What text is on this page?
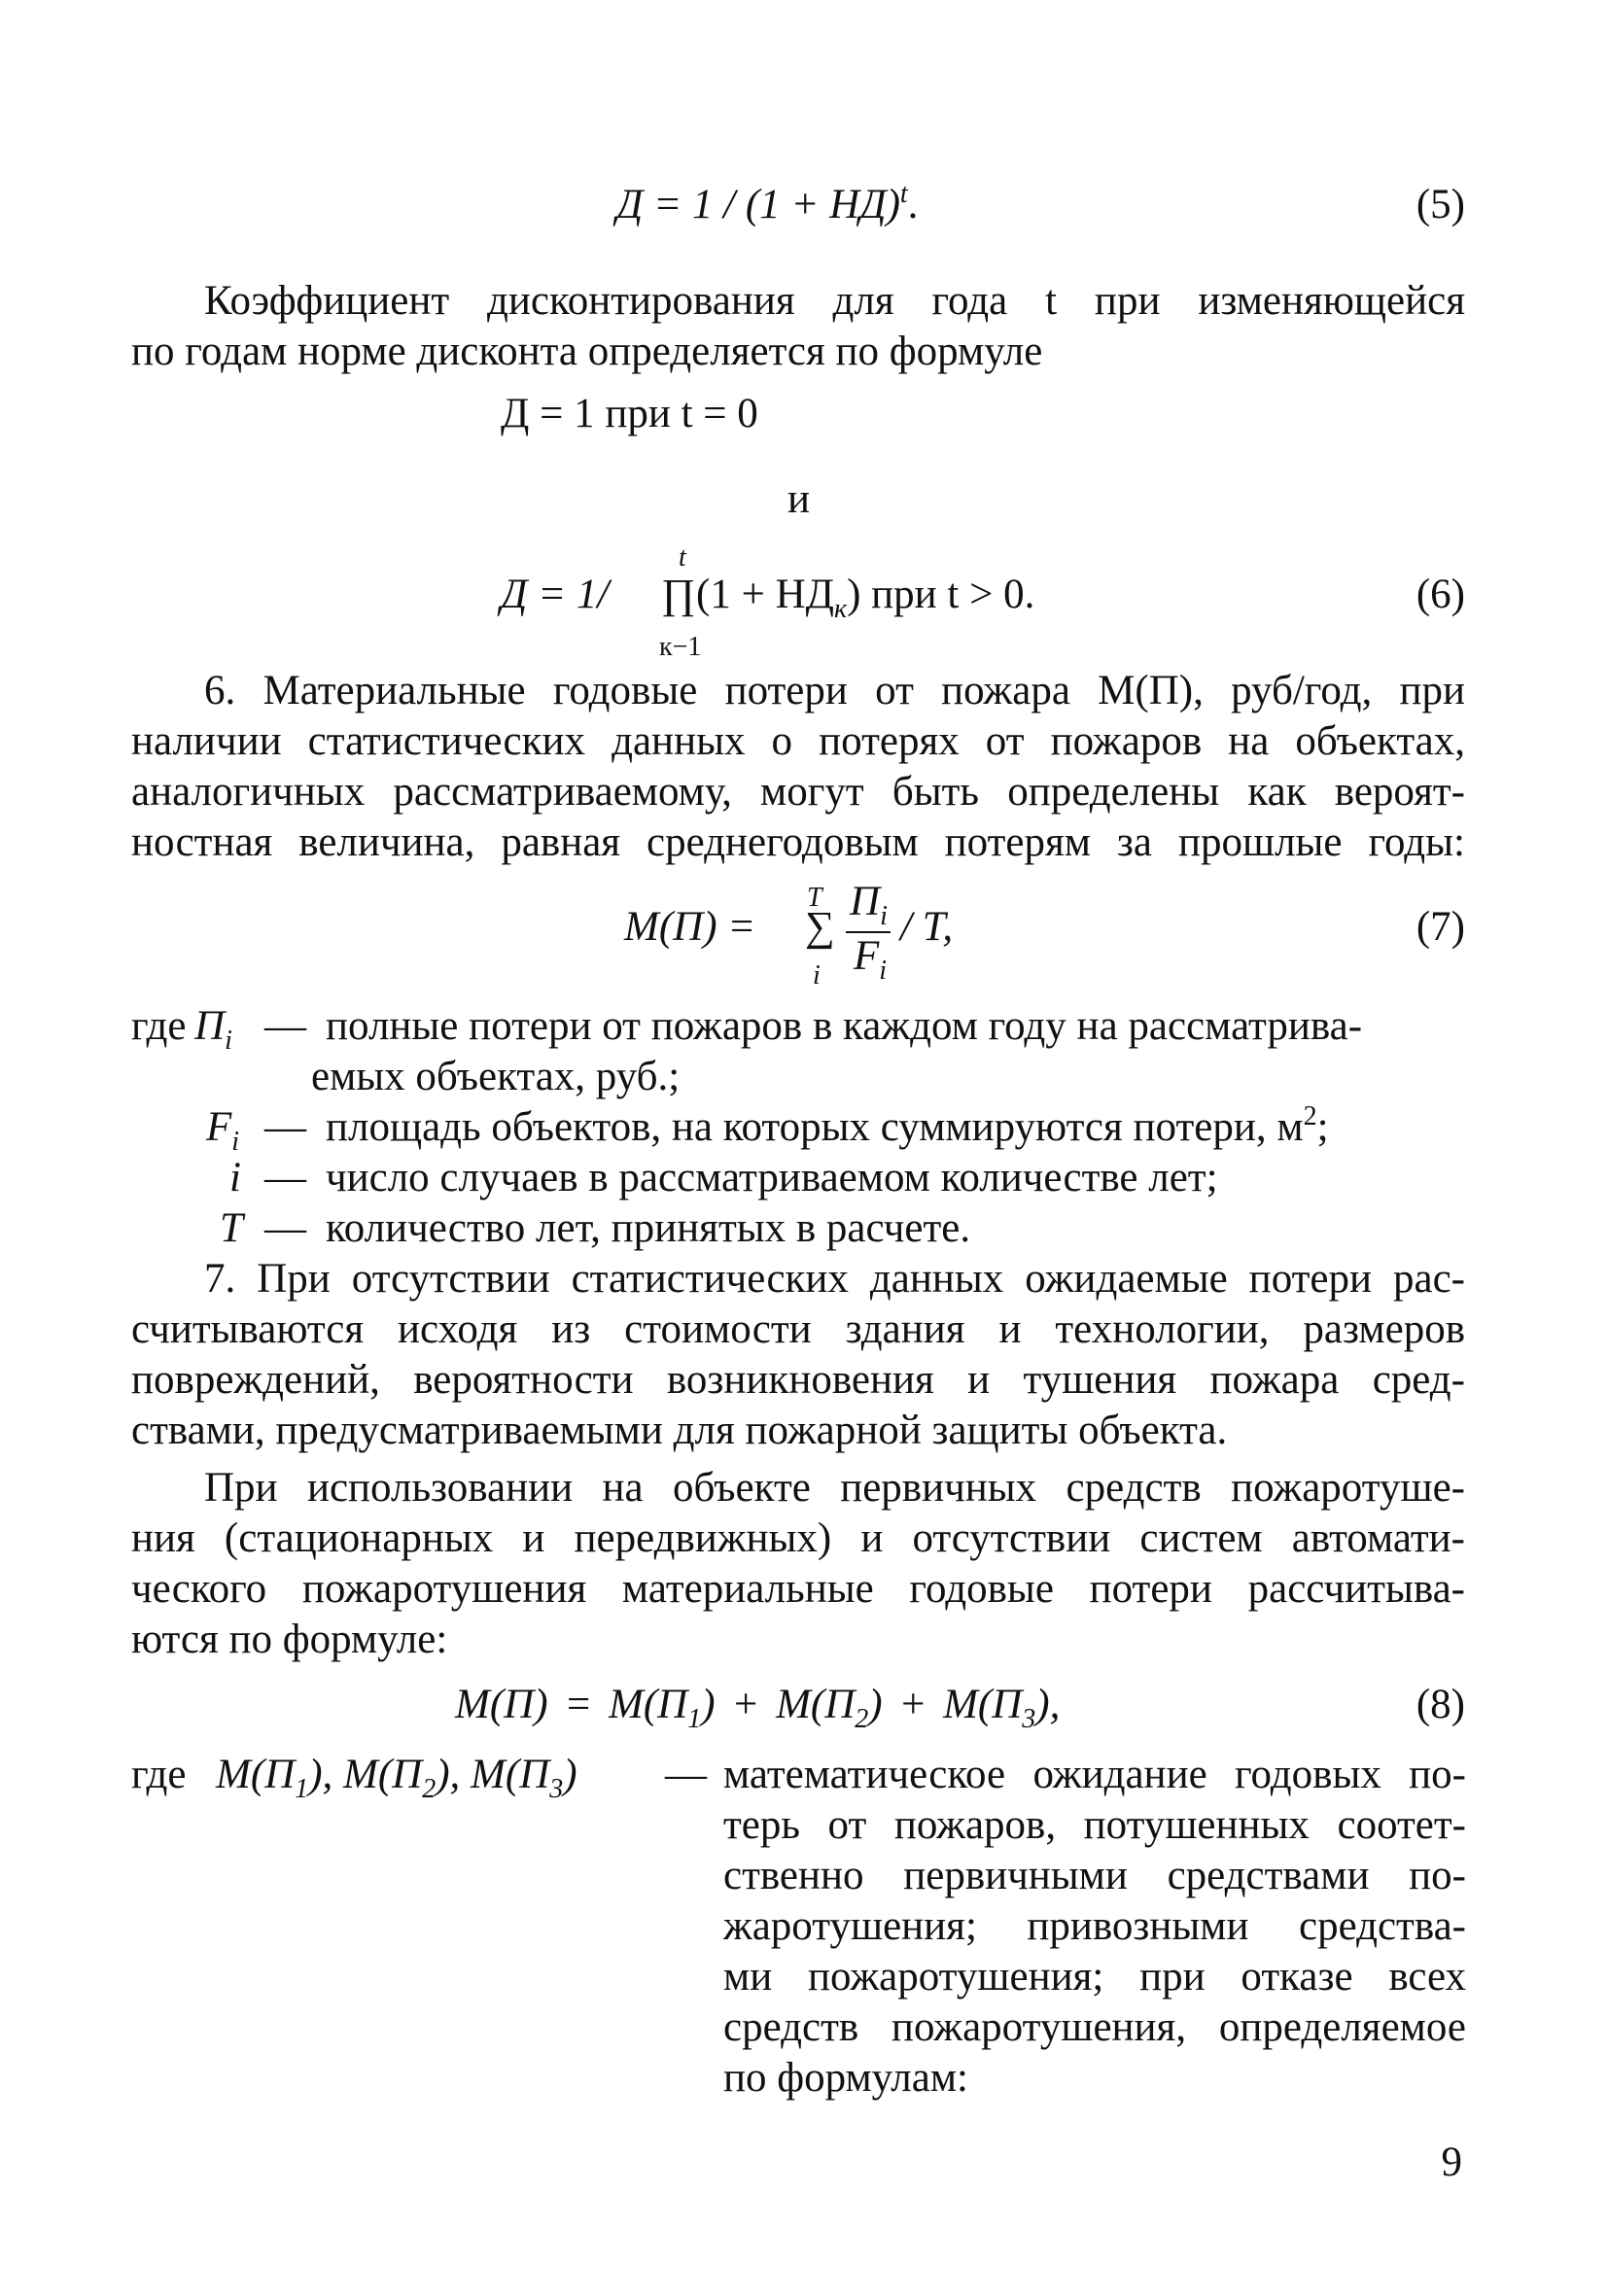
Д = 1 / (1 + НД)$^t$.	(5)
Коэффициент дисконтирования для года t при изменяющейся
по годам норме дисконта определяется по формуле
Д = 1 при t = 0
и
Д = 1/ ∏
t
к−1
$(1 + НД_к)$ при t > 0.	(6)
6. Материальные годовые потери от пожара М(П), руб/год, при
наличии статистических данных о потерях от пожаров на объектах,
аналогичных рассматриваемому, могут быть определены как вероят-
ностная величина, равная среднегодовым потерям за прошлые годы:
М(П) = ∑
T
i
$П_i$
$F_i$
/ T,	(7)
где $П_i$ — полные потери от пожаров в каждом году на рассматрива-
емых объектах, руб.;
$F_i$ — площадь объектов, на которых суммируются потери, $м^2$;
i — число случаев в рассматриваемом количестве лет;
T — количество лет, принятых в расчете.
7. При отсутствии статистических данных ожидаемые потери рас-
считываются исходя из стоимости здания и технологии, размеров
повреждений, вероятности возникновения и тушения пожара сред-
ствами, предусматриваемыми для пожарной защиты объекта.
При использовании на объекте первичных средств пожаротуше-
ния (стационарных и передвижных) и отсутствии систем автомати-
ческого пожаротушения материальные годовые потери рассчитыва-
ются по формуле:
$М(П) = М(П_1) + М(П_2) + М(П_3)$,	(8)
где $М(П_1)$, $М(П_2)$, $М(П_3)$ — математическое ожидание годовых по-
терь от пожаров, потушенных соотет-
ственно первичными средствами по-
жаротушения; привозными средства-
ми пожаротушения; при отказе всех
средств пожаротушения, определяемое
по формулам:
9
